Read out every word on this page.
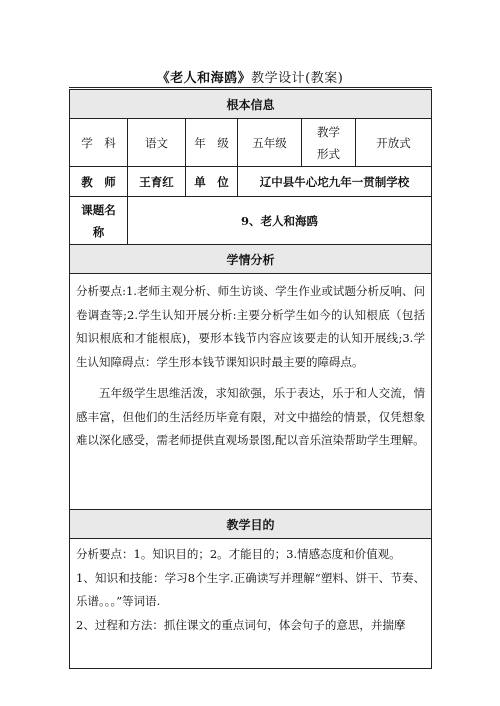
《老人和海鸥》教学设计(教案)
根本信息					
学　科	语文	年　级	五年级	教学形式	开放式
教　师	王育红	单　位	辽中县牛心坨九年一贯制学校		
课题名称	9、老人和海鸥				
学情分析					

分析要点:1.老师主观分析、师生访谈、学生作业或试题分析反响、问卷调查等;2.学生认知开展分析:主要分析学生如今的认知根底（包括知识根底和才能根底)，要形本钱节内容应该要走的认知开展线;3.学生认知障碍点：学生形本钱节课知识时最主要的障碍点。
五年级学生思维活泼，求知欲强，乐于表达，乐于和人交流，情感丰富，但他们的生活经历毕竟有限，对文中描绘的情景，仅凭想象难以深化感受，需老师提供直观场景图,配以音乐渲染帮助学生理解。					

教学目的					

分析要点：1。知识目的；2。才能目的；3.情感态度和价值观。
1、知识和技能：学习8个生字.正确读写并理解“塑料、饼干、节奏、乐谱。。。”等词语.
2、过程和方法：抓住课文的重点词句，体会句子的意思，并揣摩					
